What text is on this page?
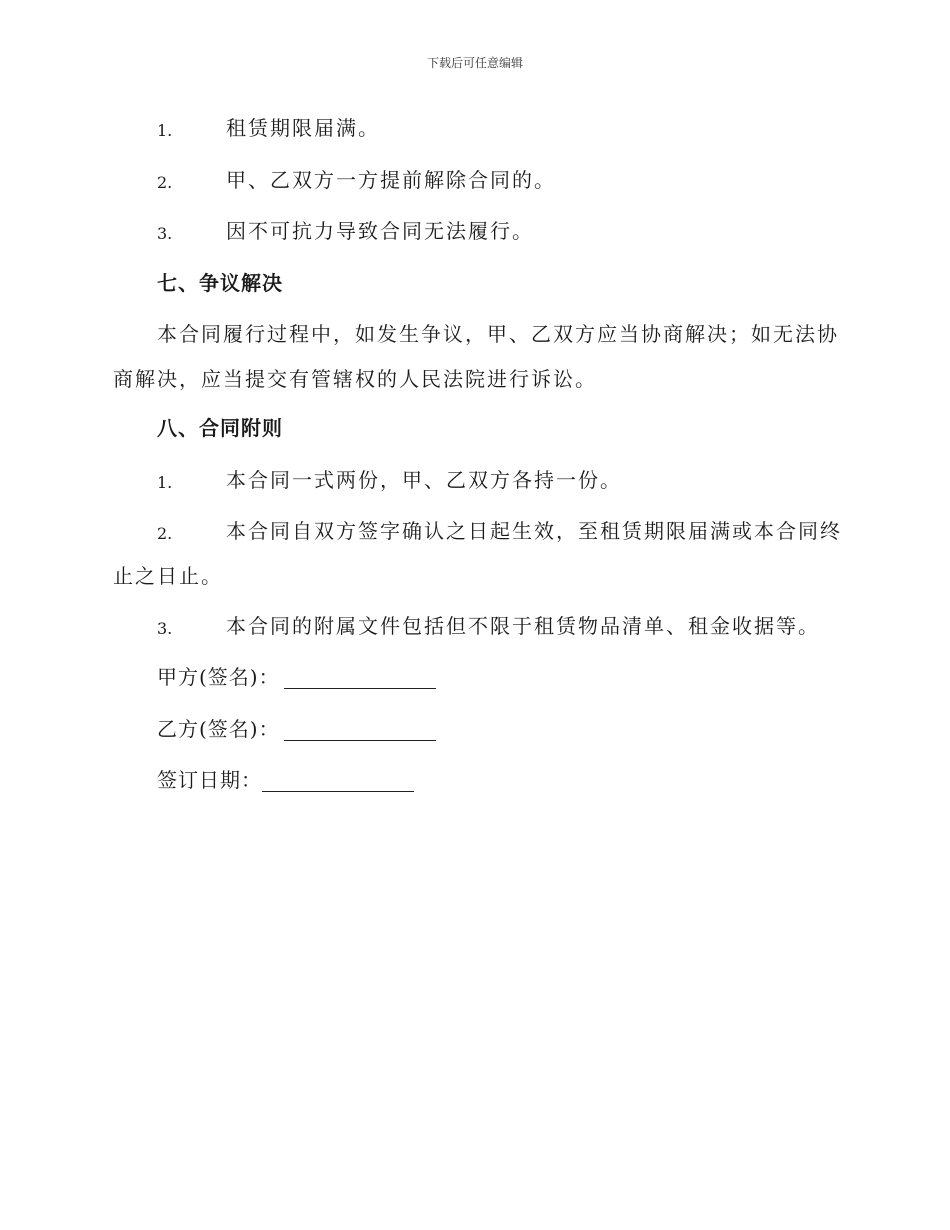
下载后可任意编辑
1.	租赁期限届满。
2.	甲、乙双方一方提前解除合同的。
3.	因不可抗力导致合同无法履行。
七、争议解决
本合同履行过程中，如发生争议，甲、乙双方应当协商解决；如无法协
商解决，应当提交有管辖权的人民法院进行诉讼。
八、合同附则
1.	本合同一式两份，甲、乙双方各持一份。
2.	本合同自双方签字确认之日起生效，至租赁期限届满或本合同终
止之日止。
3.	本合同的附属文件包括但不限于租赁物品清单、租金收据等。
甲方(签名)：
乙方(签名)：
签订日期：
